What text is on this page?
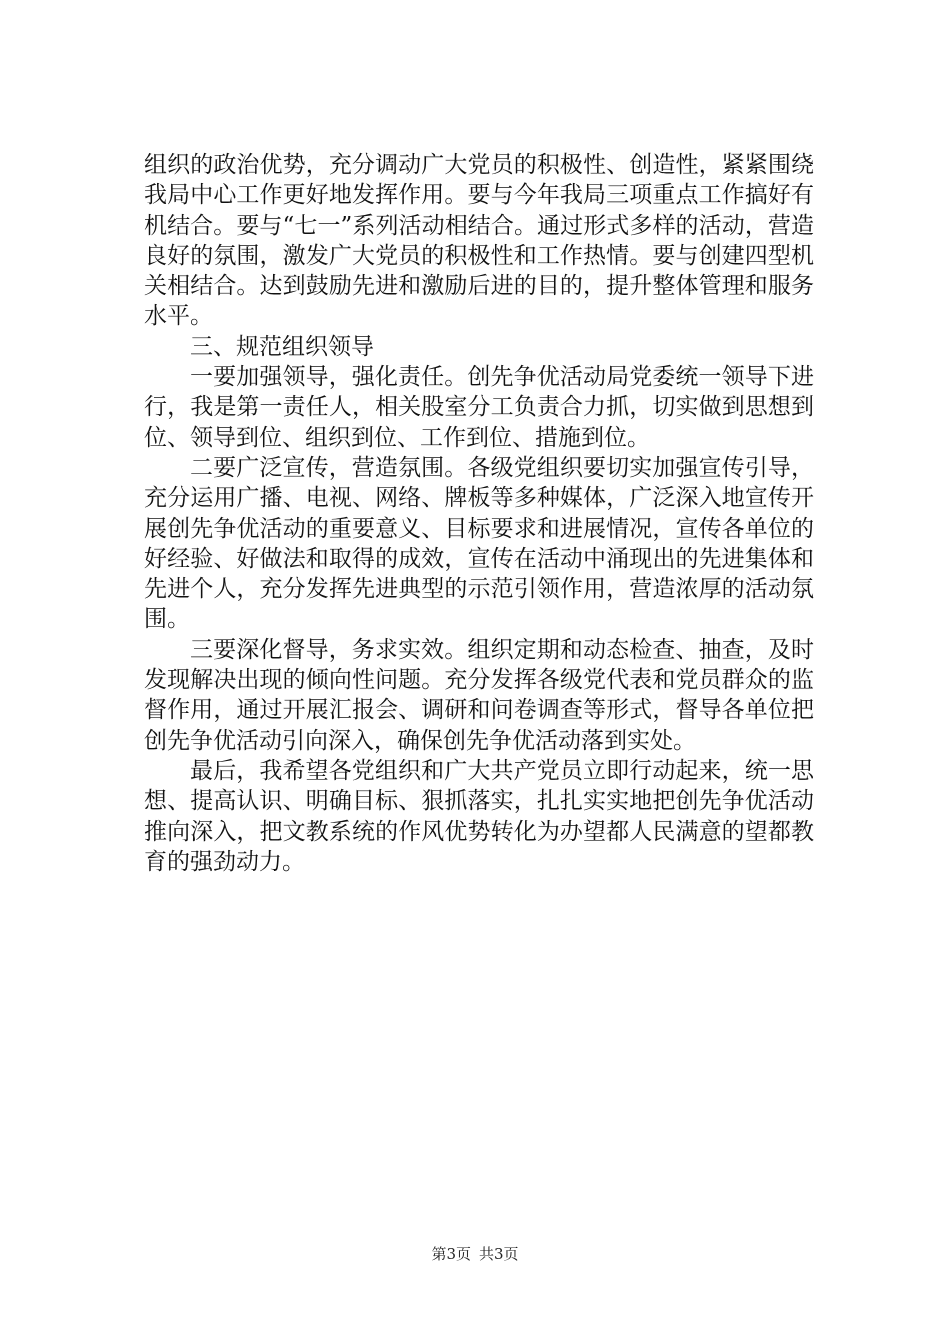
组织的政治优势，充分调动广大党员的积极性、创造性，紧紧围绕我局中心工作更好地发挥作用。要与今年我局三项重点工作搞好有机结合。要与“七一”系列活动相结合。通过形式多样的活动，营造良好的氛围，激发广大党员的积极性和工作热情。要与创建四型机关相结合。达到鼓励先进和激励后进的目的，提升整体管理和服务水平。

三、规范组织领导

一要加强领导，强化责任。创先争优活动局党委统一领导下进行，我是第一责任人，相关股室分工负责合力抓，切实做到思想到位、领导到位、组织到位、工作到位、措施到位。

二要广泛宣传，营造氛围。各级党组织要切实加强宣传引导，充分运用广播、电视、网络、牌板等多种媒体，广泛深入地宣传开展创先争优活动的重要意义、目标要求和进展情况，宣传各单位的好经验、好做法和取得的成效，宣传在活动中涌现出的先进集体和先进个人，充分发挥先进典型的示范引领作用，营造浓厚的活动氛围。

三要深化督导，务求实效。组织定期和动态检查、抽查，及时发现解决出现的倾向性问题。充分发挥各级党代表和党员群众的监督作用，通过开展汇报会、调研和问卷调查等形式，督导各单位把创先争优活动引向深入，确保创先争优活动落到实处。

最后，我希望各党组织和广大共产党员立即行动起来，统一思想、提高认识、明确目标、狠抓落实，扎扎实实地把创先争优活动推向深入，把文教系统的作风优势转化为办望都人民满意的望都教育的强劲动力。

第3页 共3页
